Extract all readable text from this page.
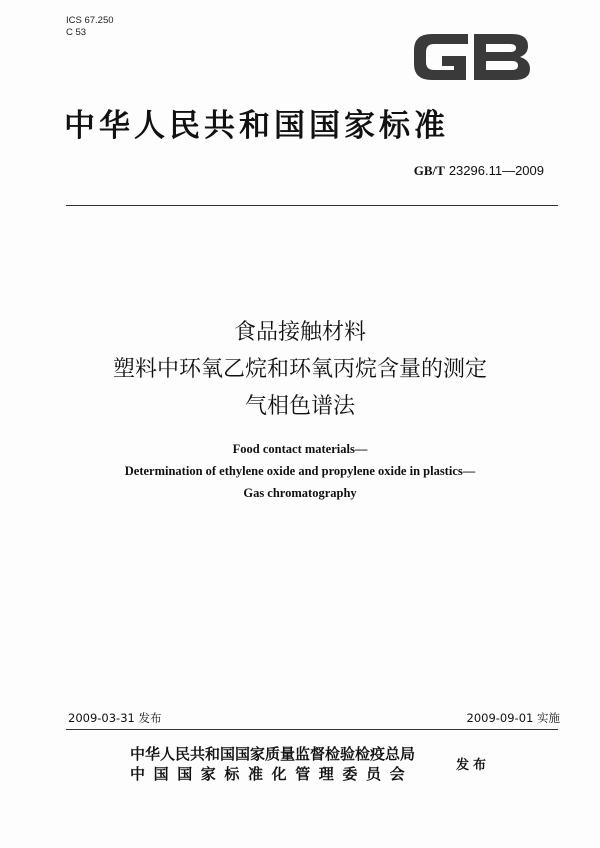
ICS 67.250
C 53
中华人民共和国国家标准
GB/T 23296.11—2009
食品接触材料
塑料中环氧乙烷和环氧丙烷含量的测定
气相色谱法
Food contact materials—
Determination of ethylene oxide and propylene oxide in plastics—
Gas chromatography
2009-03-31 发布	2009-09-01 实施
中华人民共和国国家质量监督检验检疫总局
中国国家标准化管理委员会	发布
